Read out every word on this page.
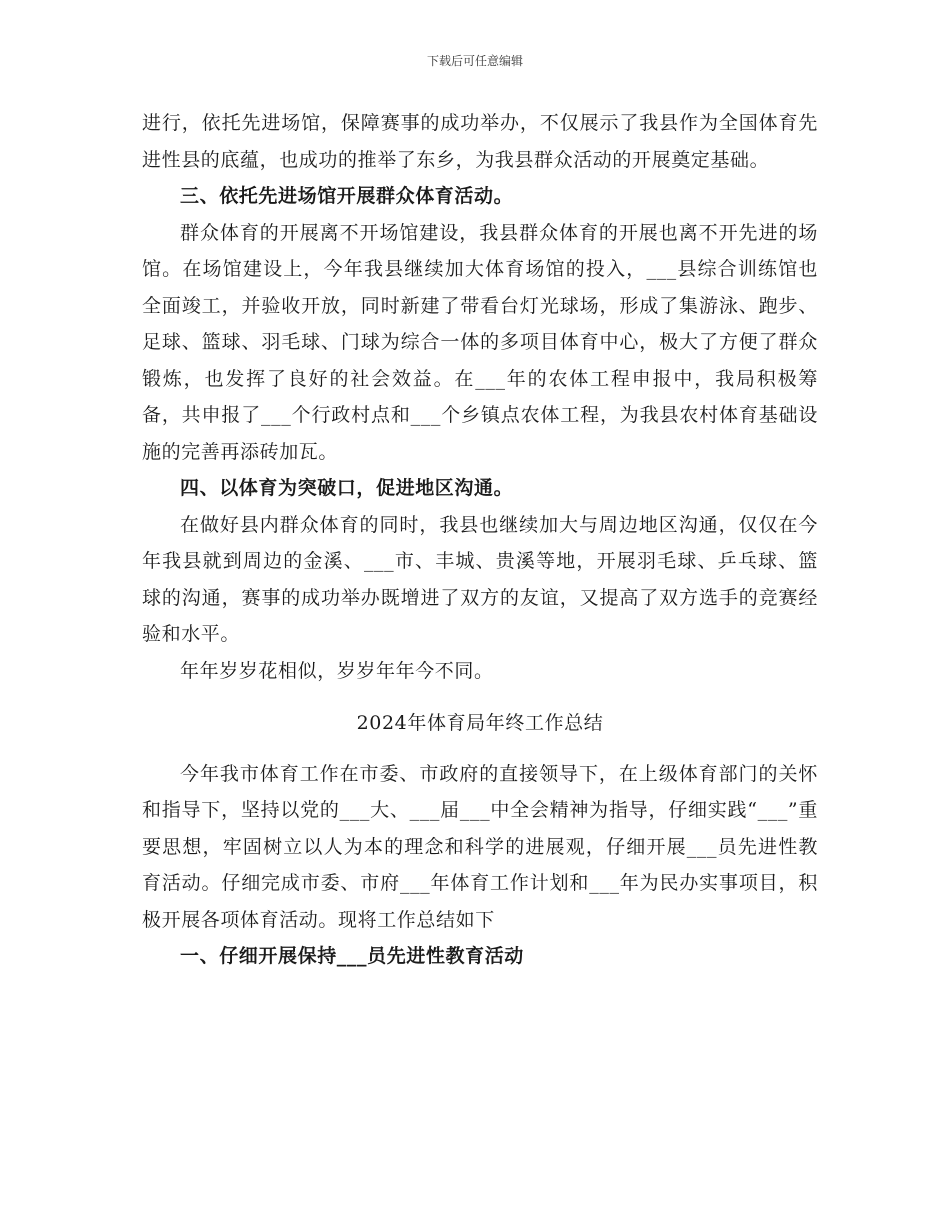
下载后可任意编辑

进行，依托先进场馆，保障赛事的成功举办，不仅展示了我县作为全国体育先进性县的底蕴，也成功的推举了东乡，为我县群众活动的开展奠定基础。

三、依托先进场馆开展群众体育活动。

群众体育的开展离不开场馆建设，我县群众体育的开展也离不开先进的场馆。在场馆建设上，今年我县继续加大体育场馆的投入，___县综合训练馆也全面竣工，并验收开放，同时新建了带看台灯光球场，形成了集游泳、跑步、足球、篮球、羽毛球、门球为综合一体的多项目体育中心，极大了方便了群众锻炼，也发挥了良好的社会效益。在___年的农体工程申报中，我局积极筹备，共申报了___个行政村点和___个乡镇点农体工程，为我县农村体育基础设施的完善再添砖加瓦。

四、以体育为突破口，促进地区沟通。

在做好县内群众体育的同时，我县也继续加大与周边地区沟通，仅仅在今年我县就到周边的金溪、___市、丰城、贵溪等地，开展羽毛球、乒乓球、篮球的沟通，赛事的成功举办既增进了双方的友谊，又提高了双方选手的竞赛经验和水平。

年年岁岁花相似，岁岁年年今不同。

2024年体育局年终工作总结

今年我市体育工作在市委、市政府的直接领导下，在上级体育部门的关怀和指导下，坚持以党的___大、___届___中全会精神为指导，仔细实践“___”重要思想，牢固树立以人为本的理念和科学的进展观，仔细开展___员先进性教育活动。仔细完成市委、市府___年体育工作计划和___年为民办实事项目，积极开展各项体育活动。现将工作总结如下

一、仔细开展保持___员先进性教育活动
